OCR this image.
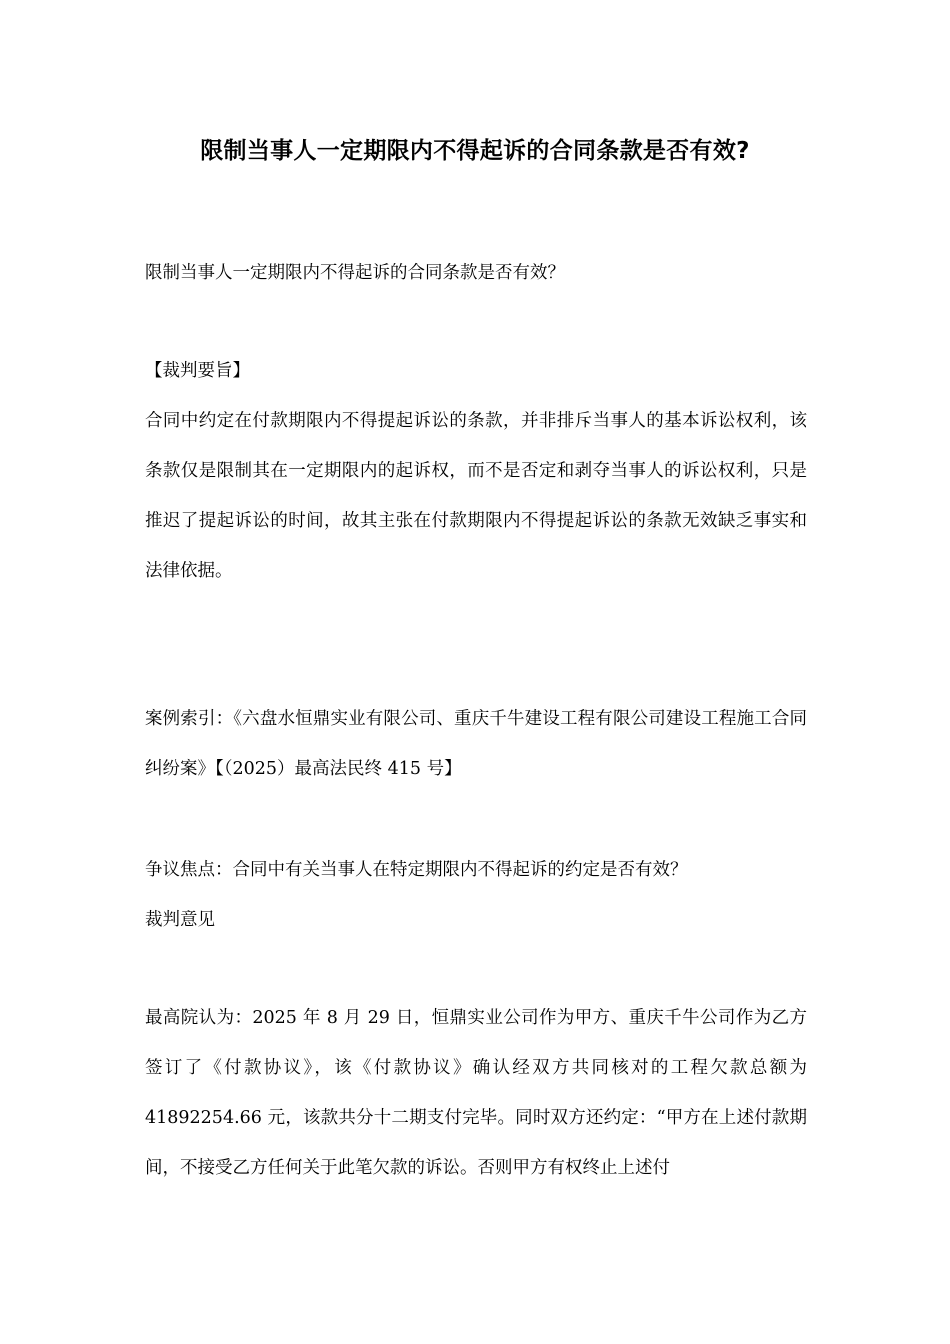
限制当事人一定期限内不得起诉的合同条款是否有效?

限制当事人一定期限内不得起诉的合同条款是否有效？

【裁判要旨】

合同中约定在付款期限内不得提起诉讼的条款，并非排斥当事人的基本诉讼权利，该条款仅是限制其在一定期限内的起诉权，而不是否定和剥夺当事人的诉讼权利，只是推迟了提起诉讼的时间，故其主张在付款期限内不得提起诉讼的条款无效缺乏事实和法律依据。

案例索引：《六盘水恒鼎实业有限公司、重庆千牛建设工程有限公司建设工程施工合同纠纷案》【（2025）最高法民终 415 号】

争议焦点：合同中有关当事人在特定期限内不得起诉的约定是否有效？

裁判意见

最高院认为：2025 年 8 月 29 日，恒鼎实业公司作为甲方、重庆千牛公司作为乙方签订了《付款协议》，该《付款协议》确认经双方共同核对的工程欠款总额为 41892254.66 元，该款共分十二期支付完毕。同时双方还约定：“甲方在上述付款期间，不接受乙方任何关于此笔欠款的诉讼。否则甲方有权终止上述付
